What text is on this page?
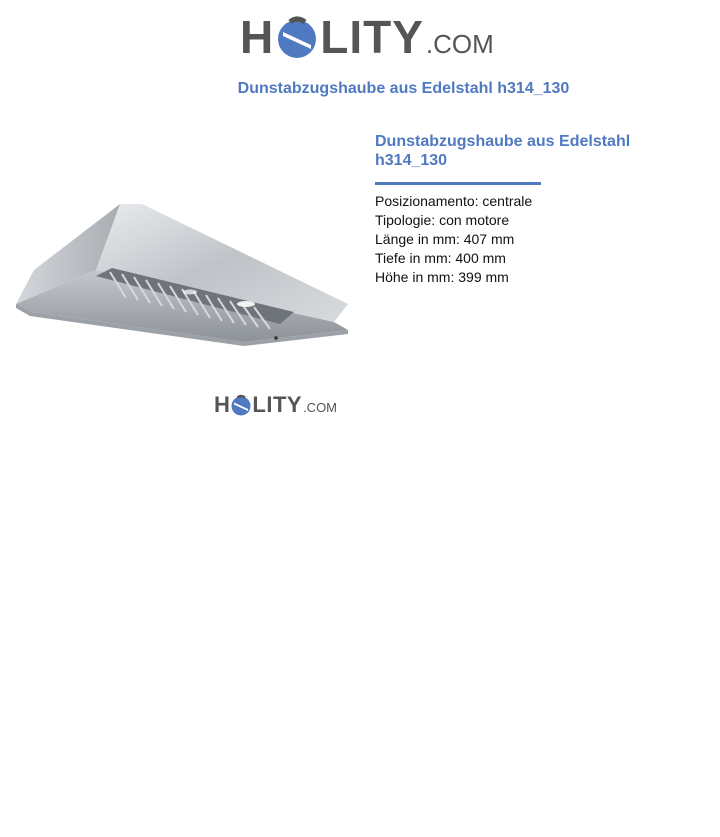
H LITY .COM
Dunstabzugshaube aus Edelstahl h314_130
H LITY .COM
Dunstabzugshaube aus Edelstahl h314_130
Posizionamento: centrale
Tipologie: con motore
Länge in mm: 407 mm
Tiefe in mm: 400 mm
Höhe in mm: 399 mm
